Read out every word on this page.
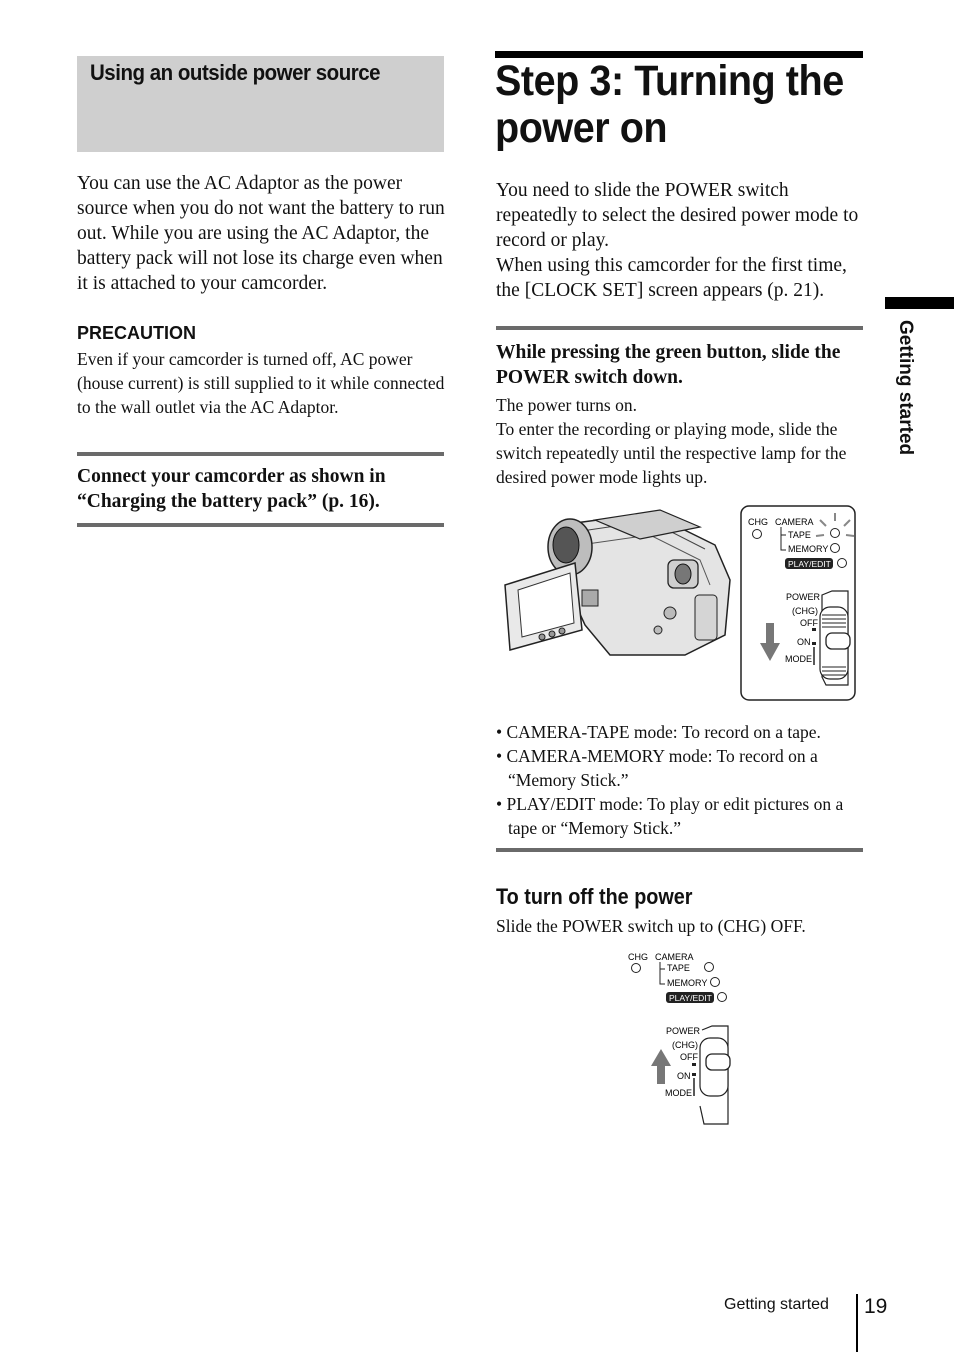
Using an outside power source
You can use the AC Adaptor as the power source when you do not want the battery to run out. While you are using the AC Adaptor, the battery pack will not lose its charge even when it is attached to your camcorder.
PRECAUTION
Even if your camcorder is turned off, AC power (house current) is still supplied to it while connected to the wall outlet via the AC Adaptor.
Connect your camcorder as shown in “Charging the battery pack” (p. 16).
Step 3: Turning the power on
You need to slide the POWER switch repeatedly to select the desired power mode to record or play.
When using this camcorder for the first time, the [CLOCK SET] screen appears (p. 21).
While pressing the green button, slide the POWER switch down.
The power turns on.
To enter the recording or playing mode, slide the switch repeatedly until the respective lamp for the desired power mode lights up.
CHG CAMERA
TAPE
MEMORY
PLAY/EDIT
POWER
(CHG)
OFF
ON
MODE
• CAMERA-TAPE mode: To record on a tape.
• CAMERA-MEMORY mode: To record on a “Memory Stick.”
• PLAY/EDIT mode: To play or edit pictures on a tape or “Memory Stick.”
To turn off the power
Slide the POWER switch up to (CHG) OFF.
CHG CAMERA
TAPE
MEMORY
PLAY/EDIT
POWER
(CHG)
OFF
ON
MODE
Getting started
Getting started 19
